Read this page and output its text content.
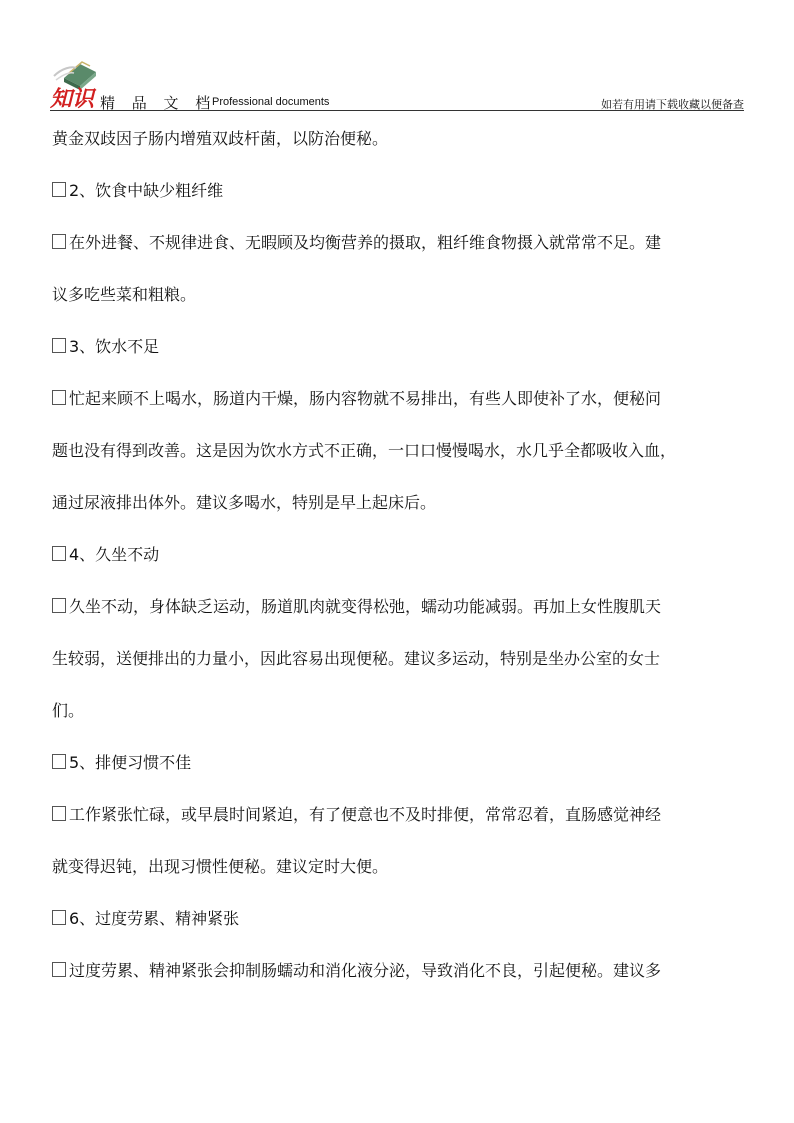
知识 精 品 文 档
Professional documents	如若有用请下载收藏以便备查
黄金双歧因子肠内增殖双歧杆菌，以防治便秘。
2、饮食中缺少粗纤维
在外进餐、不规律进食、无暇顾及均衡营养的摄取，粗纤维食物摄入就常常不足。建
议多吃些菜和粗粮。
3、饮水不足
忙起来顾不上喝水，肠道内干燥，肠内容物就不易排出，有些人即使补了水，便秘问
题也没有得到改善。这是因为饮水方式不正确，一口口慢慢喝水，水几乎全都吸收入血，
通过尿液排出体外。建议多喝水，特别是早上起床后。
4、久坐不动
久坐不动，身体缺乏运动，肠道肌肉就变得松弛，蠕动功能减弱。再加上女性腹肌天
生较弱，送便排出的力量小，因此容易出现便秘。建议多运动，特别是坐办公室的女士
们。
5、排便习惯不佳
工作紧张忙碌，或早晨时间紧迫，有了便意也不及时排便，常常忍着，直肠感觉神经
就变得迟钝，出现习惯性便秘。建议定时大便。
6、过度劳累、精神紧张
过度劳累、精神紧张会抑制肠蠕动和消化液分泌，导致消化不良，引起便秘。建议多
